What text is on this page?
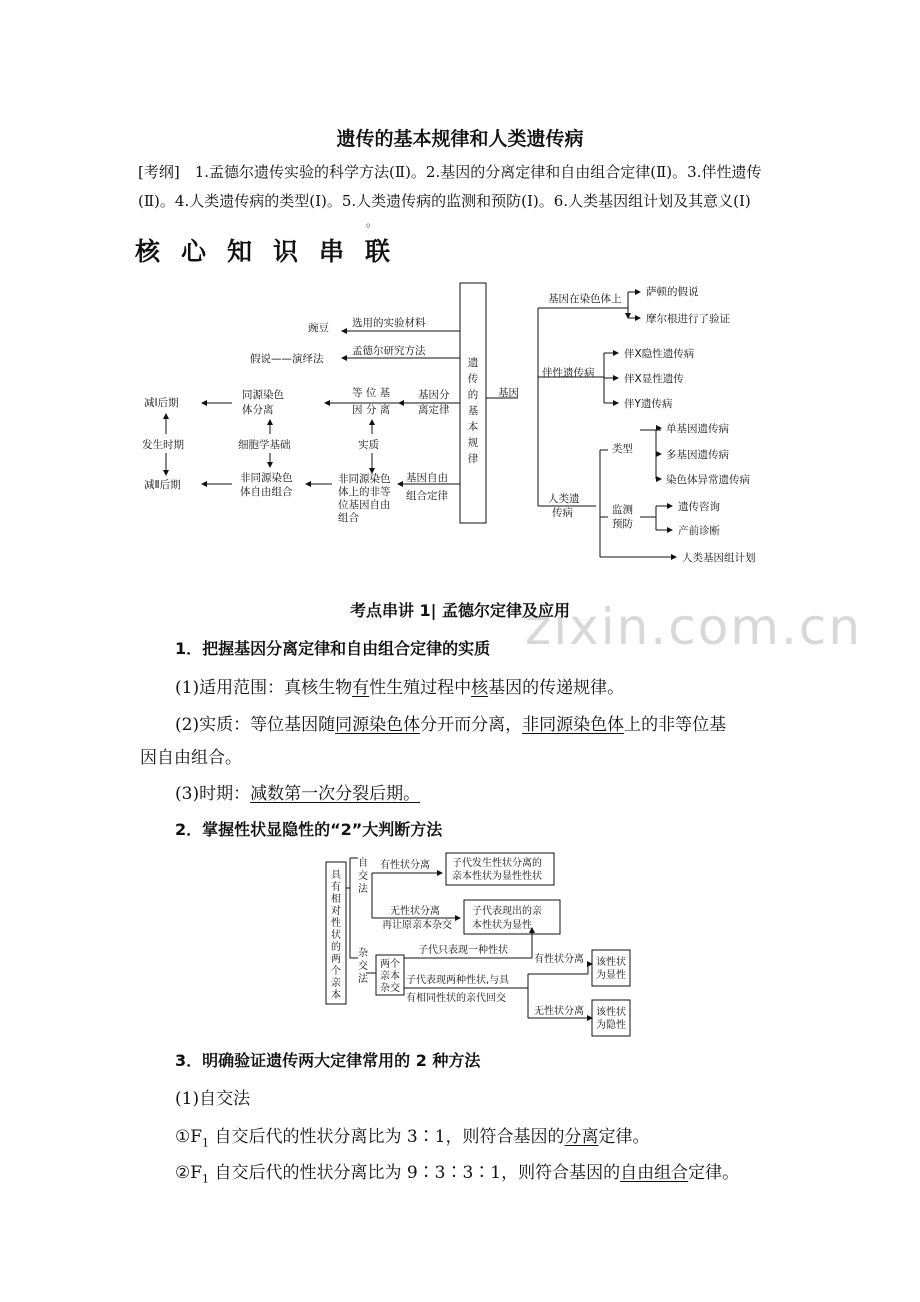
遗传的基本规律和人类遗传病
[考纲]　1.孟德尔遗传实验的科学方法(Ⅱ)。2.基因的分离定律和自由组合定律(Ⅱ)。3.伴性遗传
(Ⅱ)。4.人类遗传病的类型(Ⅰ)。5.人类遗传病的监测和预防(Ⅰ)。6.人类基因组计划及其意义(Ⅰ)
。
核心知识串联
遗
传
的
基
本
规
律
豌豆 选用的实验材料
假说——演绎法
孟德尔研究方法
减Ⅰ后期
同源染色
体分离
等 位 基
因 分 离
基因分
离定律
发生时期	细胞学基础	实质
减Ⅱ后期
非同源染色
体自由组合
非同源染色
体上的非等
位基因自由
组合
基因自由
组合定律
基因
基因在染色体上
萨顿的假说
摩尔根进行了验证
伴性遗传病
伴X隐性遗传病
伴X显性遗传
伴Y遗传病
人类遗
传病
类型
单基因遗传病
多基因遗传病
染色体异常遗传病
监测
预防
遗传咨询
产前诊断
人类基因组计划
zixin.com.cn
考点串讲 1| 孟德尔定律及应用
1．把握基因分离定律和自由组合定律的实质
(1)适用范围：真核生物有性生殖过程中核基因的传递规律。
(2)实质：等位基因随同源染色体分开而分离，非同源染色体上的非等位基
因自由组合。
(3)时期：减数第一次分裂后期。
2．掌握性状显隐性的“2”大判断方法
具
有
相
对
性
状
的
两
个
亲
本
自
交
法
杂
交
法
有性状分离 子代发生性状分离的
亲本性状为显性性状
无性状分离
再让原亲本杂交
子代表现出的亲
本性状为显性
两个
亲本
杂交
子代只表现一种性状
子代表现两种性状,与具
有相同性状的亲代回交
有性状分离
无性状分离
该性状
为显性
该性状
为隐性
3．明确验证遗传两大定律常用的 2 种方法
(1)自交法
$①F_1$ 自交后代的性状分离比为 3∶1，则符合基因的分离定律。
$②F_1$ 自交后代的性状分离比为 9∶3∶3∶1，则符合基因的自由组合定律。
